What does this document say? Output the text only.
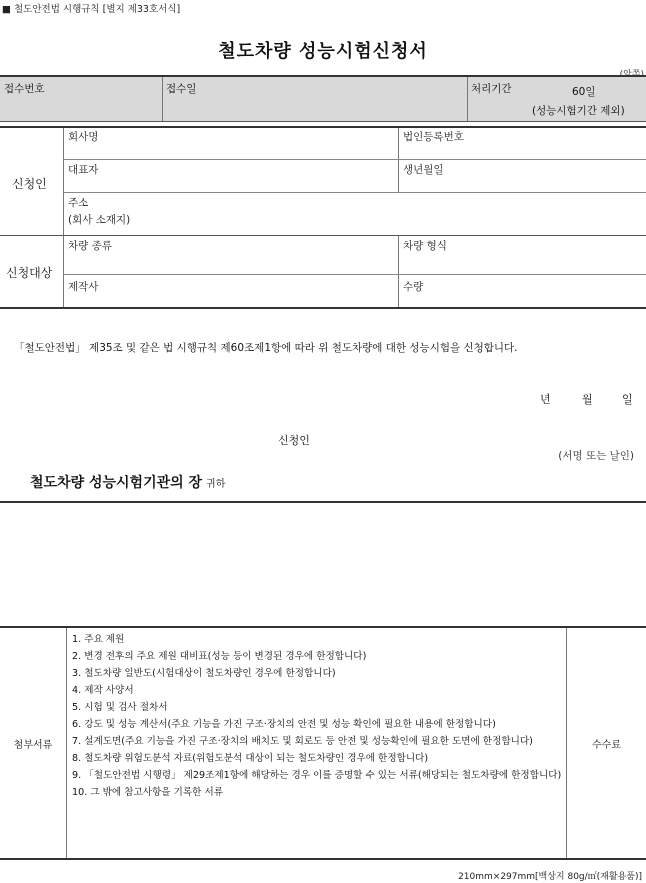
■ 철도안전법 시행규칙 [별지 제33호서식]
철도차량 성능시험신청서
접수번호	접수일	처리기간	60일
(성능시험기간 제외)
신청인
회사명	법인등록번호
대표자	생년월일
주소
(회사 소재지)
신청대상
차량 종류	차량 형식
제작사	수량
「철도안전법」 제35조 및 같은 법 시행규칙 제60조제1항에 따라 위 철도차량에 대한 성능시험을 신청합니다.
년	월	일
신청인
(서명 또는 날인)
철도차량 성능시험기관의 장 귀하
첨부서류
1. 주요 제원
2. 변경 전후의 주요 제원 대비표(성능 등이 변경된 경우에 한정합니다)
3. 철도차량 일반도(시험대상이 철도차량인 경우에 한정합니다)
4. 제작 사양서
5. 시험 및 검사 절차서
6. 강도 및 성능 계산서(주요 기능을 가진 구조·장치의 안전 및 성능 확인에 필요한 내용에 한정합니다)
7. 설계도면(주요 기능을 가진 구조·장치의 배치도 및 회로도 등 안전 및 성능확인에 필요한 도면에 한정합니다)
8. 철도차량 위험도분석 자료(위험도분석 대상이 되는 철도차량인 경우에 한정합니다)
9. 「철도안전법 시행령」 제29조제1항에 해당하는 경우 이를 증명할 수 있는 서류(해당되는 철도차량에 한정합니다)
10. 그 밖에 참고사항을 기록한 서류
수수료
210mm×297mm[백상지 80g/㎡(재활용품)]
